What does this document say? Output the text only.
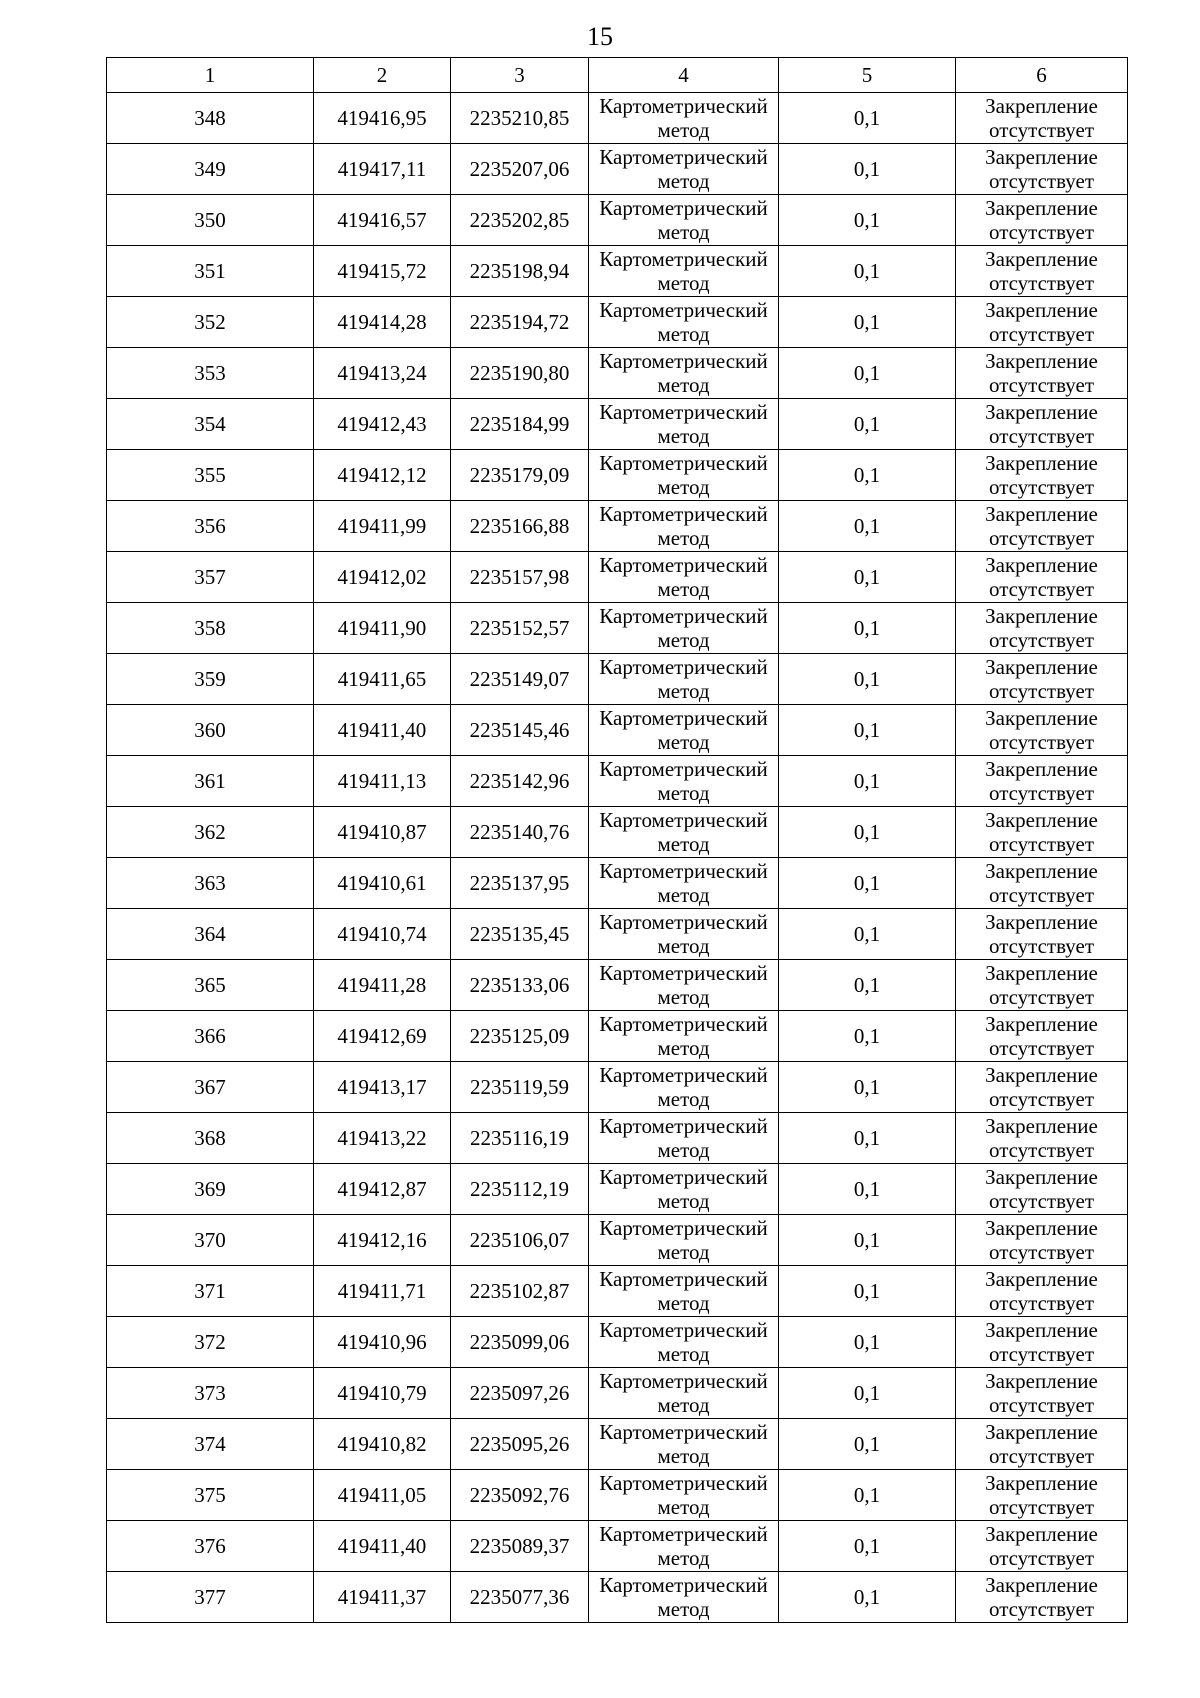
15
1	2	3	4	5	6
348	419416,95	2235210,85	Картометрический метод	0,1	Закрепление отсутствует
349	419417,11	2235207,06	Картометрический метод	0,1	Закрепление отсутствует
350	419416,57	2235202,85	Картометрический метод	0,1	Закрепление отсутствует
351	419415,72	2235198,94	Картометрический метод	0,1	Закрепление отсутствует
352	419414,28	2235194,72	Картометрический метод	0,1	Закрепление отсутствует
353	419413,24	2235190,80	Картометрический метод	0,1	Закрепление отсутствует
354	419412,43	2235184,99	Картометрический метод	0,1	Закрепление отсутствует
355	419412,12	2235179,09	Картометрический метод	0,1	Закрепление отсутствует
356	419411,99	2235166,88	Картометрический метод	0,1	Закрепление отсутствует
357	419412,02	2235157,98	Картометрический метод	0,1	Закрепление отсутствует
358	419411,90	2235152,57	Картометрический метод	0,1	Закрепление отсутствует
359	419411,65	2235149,07	Картометрический метод	0,1	Закрепление отсутствует
360	419411,40	2235145,46	Картометрический метод	0,1	Закрепление отсутствует
361	419411,13	2235142,96	Картометрический метод	0,1	Закрепление отсутствует
362	419410,87	2235140,76	Картометрический метод	0,1	Закрепление отсутствует
363	419410,61	2235137,95	Картометрический метод	0,1	Закрепление отсутствует
364	419410,74	2235135,45	Картометрический метод	0,1	Закрепление отсутствует
365	419411,28	2235133,06	Картометрический метод	0,1	Закрепление отсутствует
366	419412,69	2235125,09	Картометрический метод	0,1	Закрепление отсутствует
367	419413,17	2235119,59	Картометрический метод	0,1	Закрепление отсутствует
368	419413,22	2235116,19	Картометрический метод	0,1	Закрепление отсутствует
369	419412,87	2235112,19	Картометрический метод	0,1	Закрепление отсутствует
370	419412,16	2235106,07	Картометрический метод	0,1	Закрепление отсутствует
371	419411,71	2235102,87	Картометрический метод	0,1	Закрепление отсутствует
372	419410,96	2235099,06	Картометрический метод	0,1	Закрепление отсутствует
373	419410,79	2235097,26	Картометрический метод	0,1	Закрепление отсутствует
374	419410,82	2235095,26	Картометрический метод	0,1	Закрепление отсутствует
375	419411,05	2235092,76	Картометрический метод	0,1	Закрепление отсутствует
376	419411,40	2235089,37	Картометрический метод	0,1	Закрепление отсутствует
377	419411,37	2235077,36	Картометрический метод	0,1	Закрепление отсутствует
